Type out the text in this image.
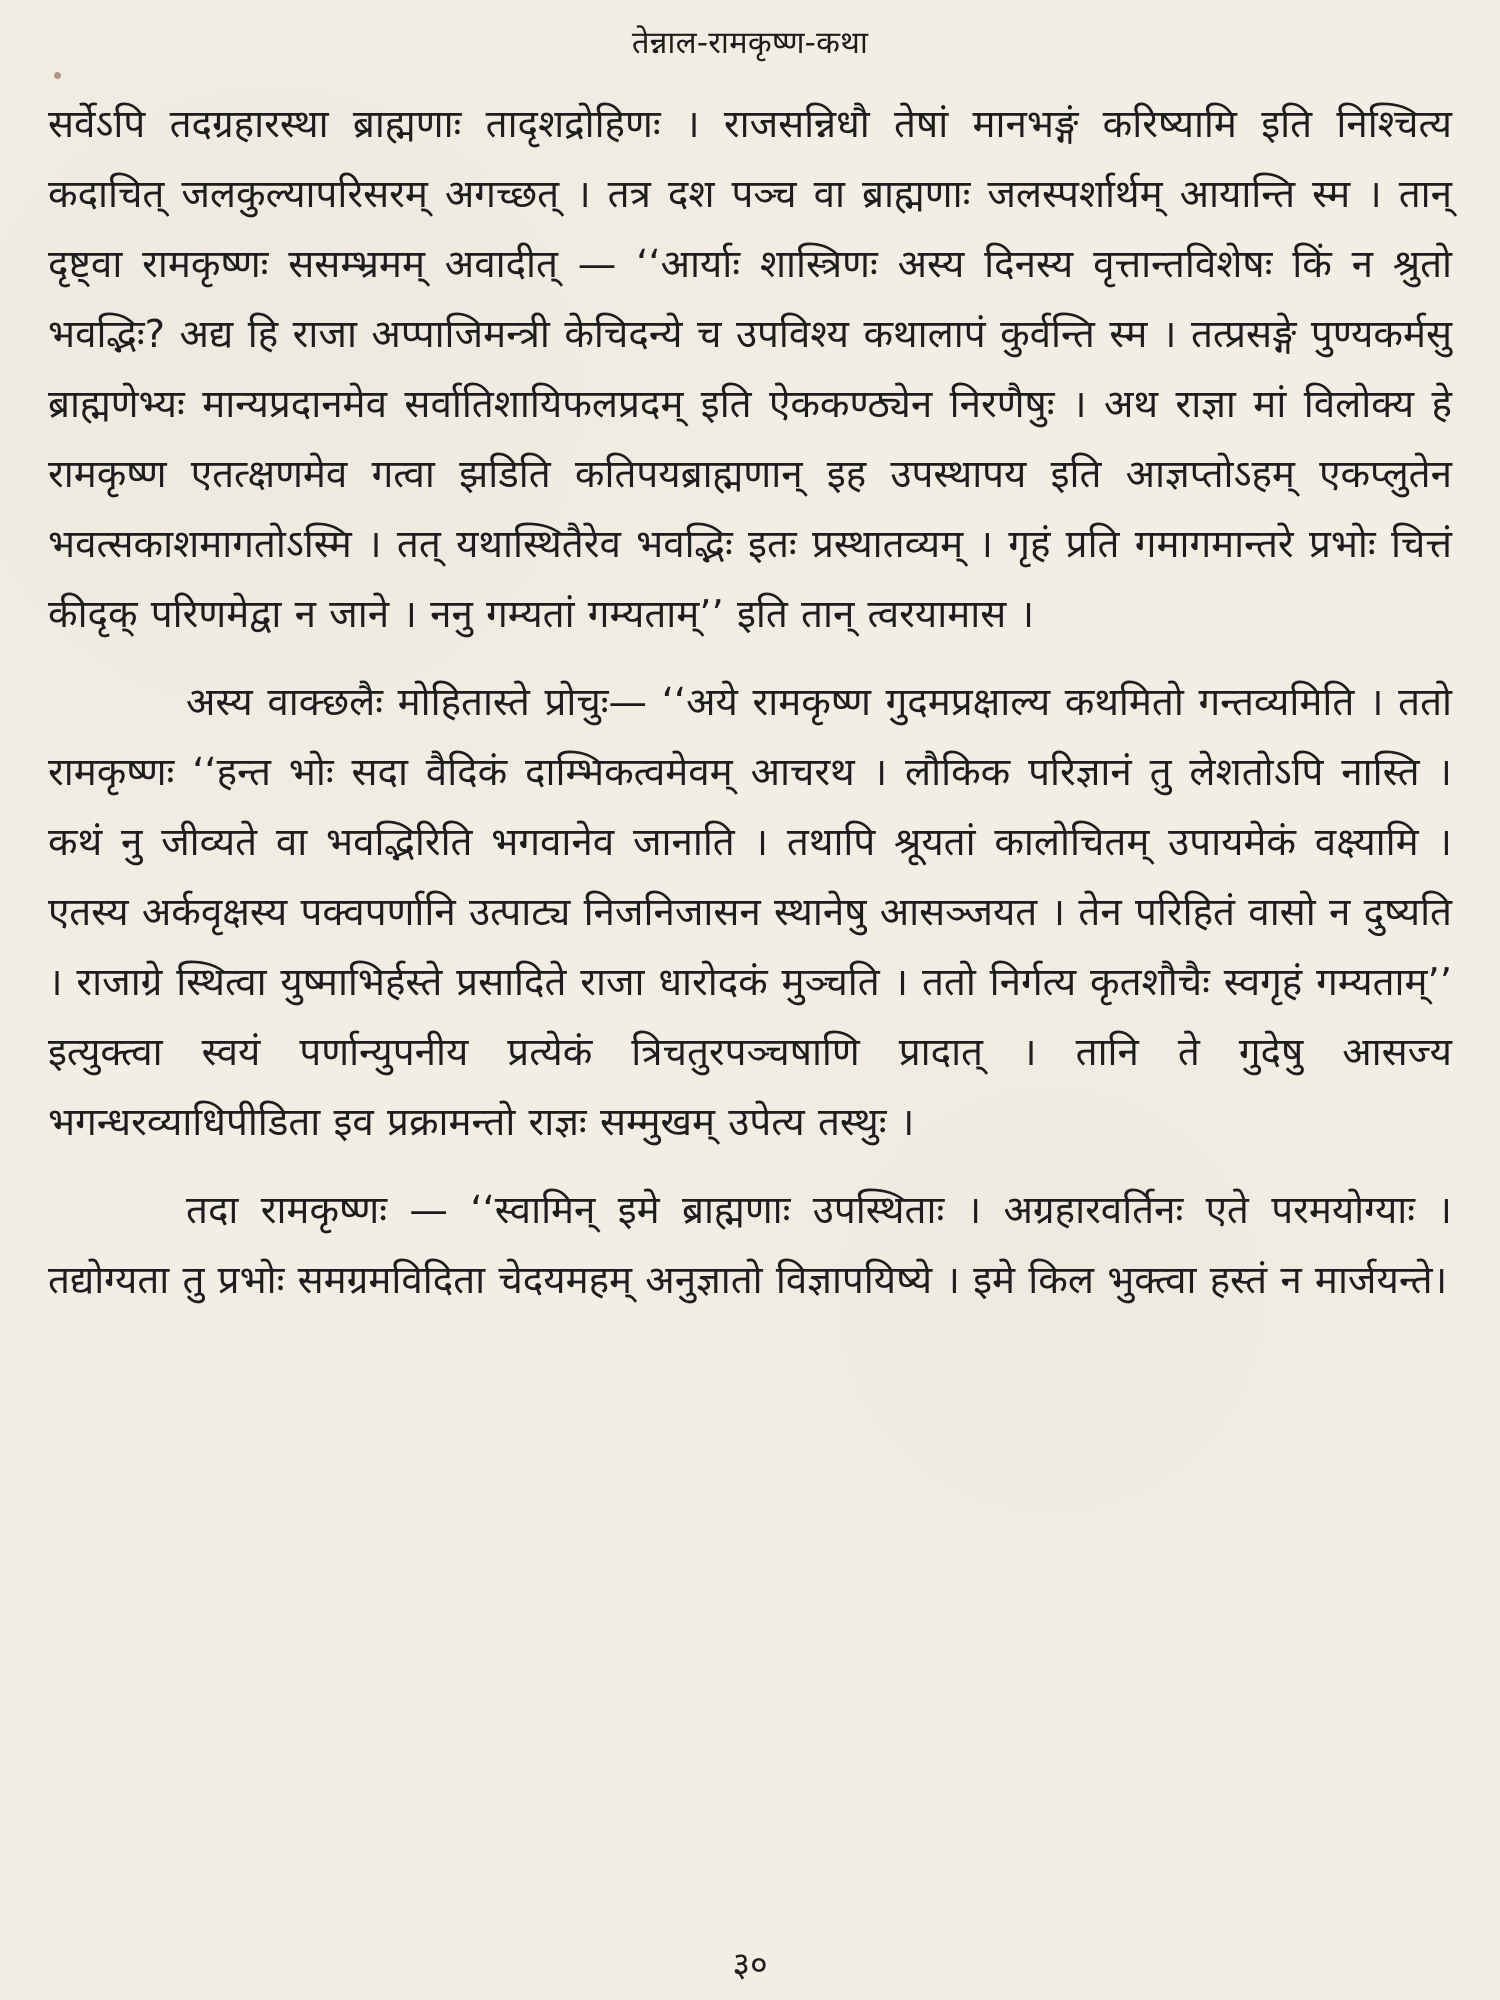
तेन्नाल-रामकृष्ण-कथा

सर्वेऽपि तदग्रहारस्था ब्राह्मणाः तादृशद्रोहिणः । राजसन्निधौ तेषां मानभङ्गं करिष्यामि इति निश्चित्य कदाचित् जलकुल्यापरिसरम् अगच्छत् । तत्र दश पञ्च वा ब्राह्मणाः जलस्पर्शार्थम् आयान्ति स्म । तान् दृष्ट्वा रामकृष्णः ससम्भ्रमम् अवादीत् — ‘‘आर्याः शास्त्रिणः अस्य दिनस्य वृत्तान्तविशेषः किं न श्रुतो भवद्भिः? अद्य हि राजा अप्पाजिमन्त्री केचिदन्ये च उपविश्य कथालापं कुर्वन्ति स्म । तत्प्रसङ्गे पुण्यकर्मसु ब्राह्मणेभ्यः मान्यप्रदानमेव सर्वातिशायिफलप्रदम् इति ऐककण्ठ्येन निरणैषुः । अथ राज्ञा मां विलोक्य हे रामकृष्ण एतत्क्षणमेव गत्वा झडिति कतिपयब्राह्मणान् इह उपस्थापय इति आज्ञप्तोऽहम् एकप्लुतेन भवत्सकाशमागतोऽस्मि । तत् यथास्थितैरेव भवद्भिः इतः प्रस्थातव्यम् । गृहं प्रति गमागमान्तरे प्रभोः चित्तं कीदृक् परिणमेद्वा न जाने । ननु गम्यतां गम्यताम्’’ इति तान् त्वरयामास ।

अस्य वाक्छलैः मोहितास्ते प्रोचुः— ‘‘अये रामकृष्ण गुदमप्रक्षाल्य कथमितो गन्तव्यमिति । ततो रामकृष्णः ‘‘हन्त भोः सदा वैदिकं दाम्भिकत्वमेवम् आचरथ । लौकिक परिज्ञानं तु लेशतोऽपि नास्ति । कथं नु जीव्यते वा भवद्भिरिति भगवानेव जानाति । तथापि श्रूयतां कालोचितम् उपायमेकं वक्ष्यामि । एतस्य अर्कवृक्षस्य पक्वपर्णानि उत्पाट्य निजनिजासन स्थानेषु आसञ्जयत । तेन परिहितं वासो न दुष्यति । राजाग्रे स्थित्वा युष्माभिर्हस्ते प्रसादिते राजा धारोदकं मुञ्चति । ततो निर्गत्य कृतशौचैः स्वगृहं गम्यताम्’’ इत्युक्त्वा स्वयं पर्णान्युपनीय प्रत्येकं त्रिचतुरपञ्चषाणि प्रादात् । तानि ते गुदेषु आसज्य भगन्धरव्याधिपीडिता इव प्रक्रामन्तो राज्ञः सम्मुखम् उपेत्य तस्थुः ।

तदा रामकृष्णः — ‘‘स्वामिन् इमे ब्राह्मणाः उपस्थिताः । अग्रहारवर्तिनः एते परमयोग्याः । तद्योग्यता तु प्रभोः समग्रमविदिता चेदयमहम् अनुज्ञातो विज्ञापयिष्ये । इमे किल भुक्त्वा हस्तं न मार्जयन्ते।

३०
